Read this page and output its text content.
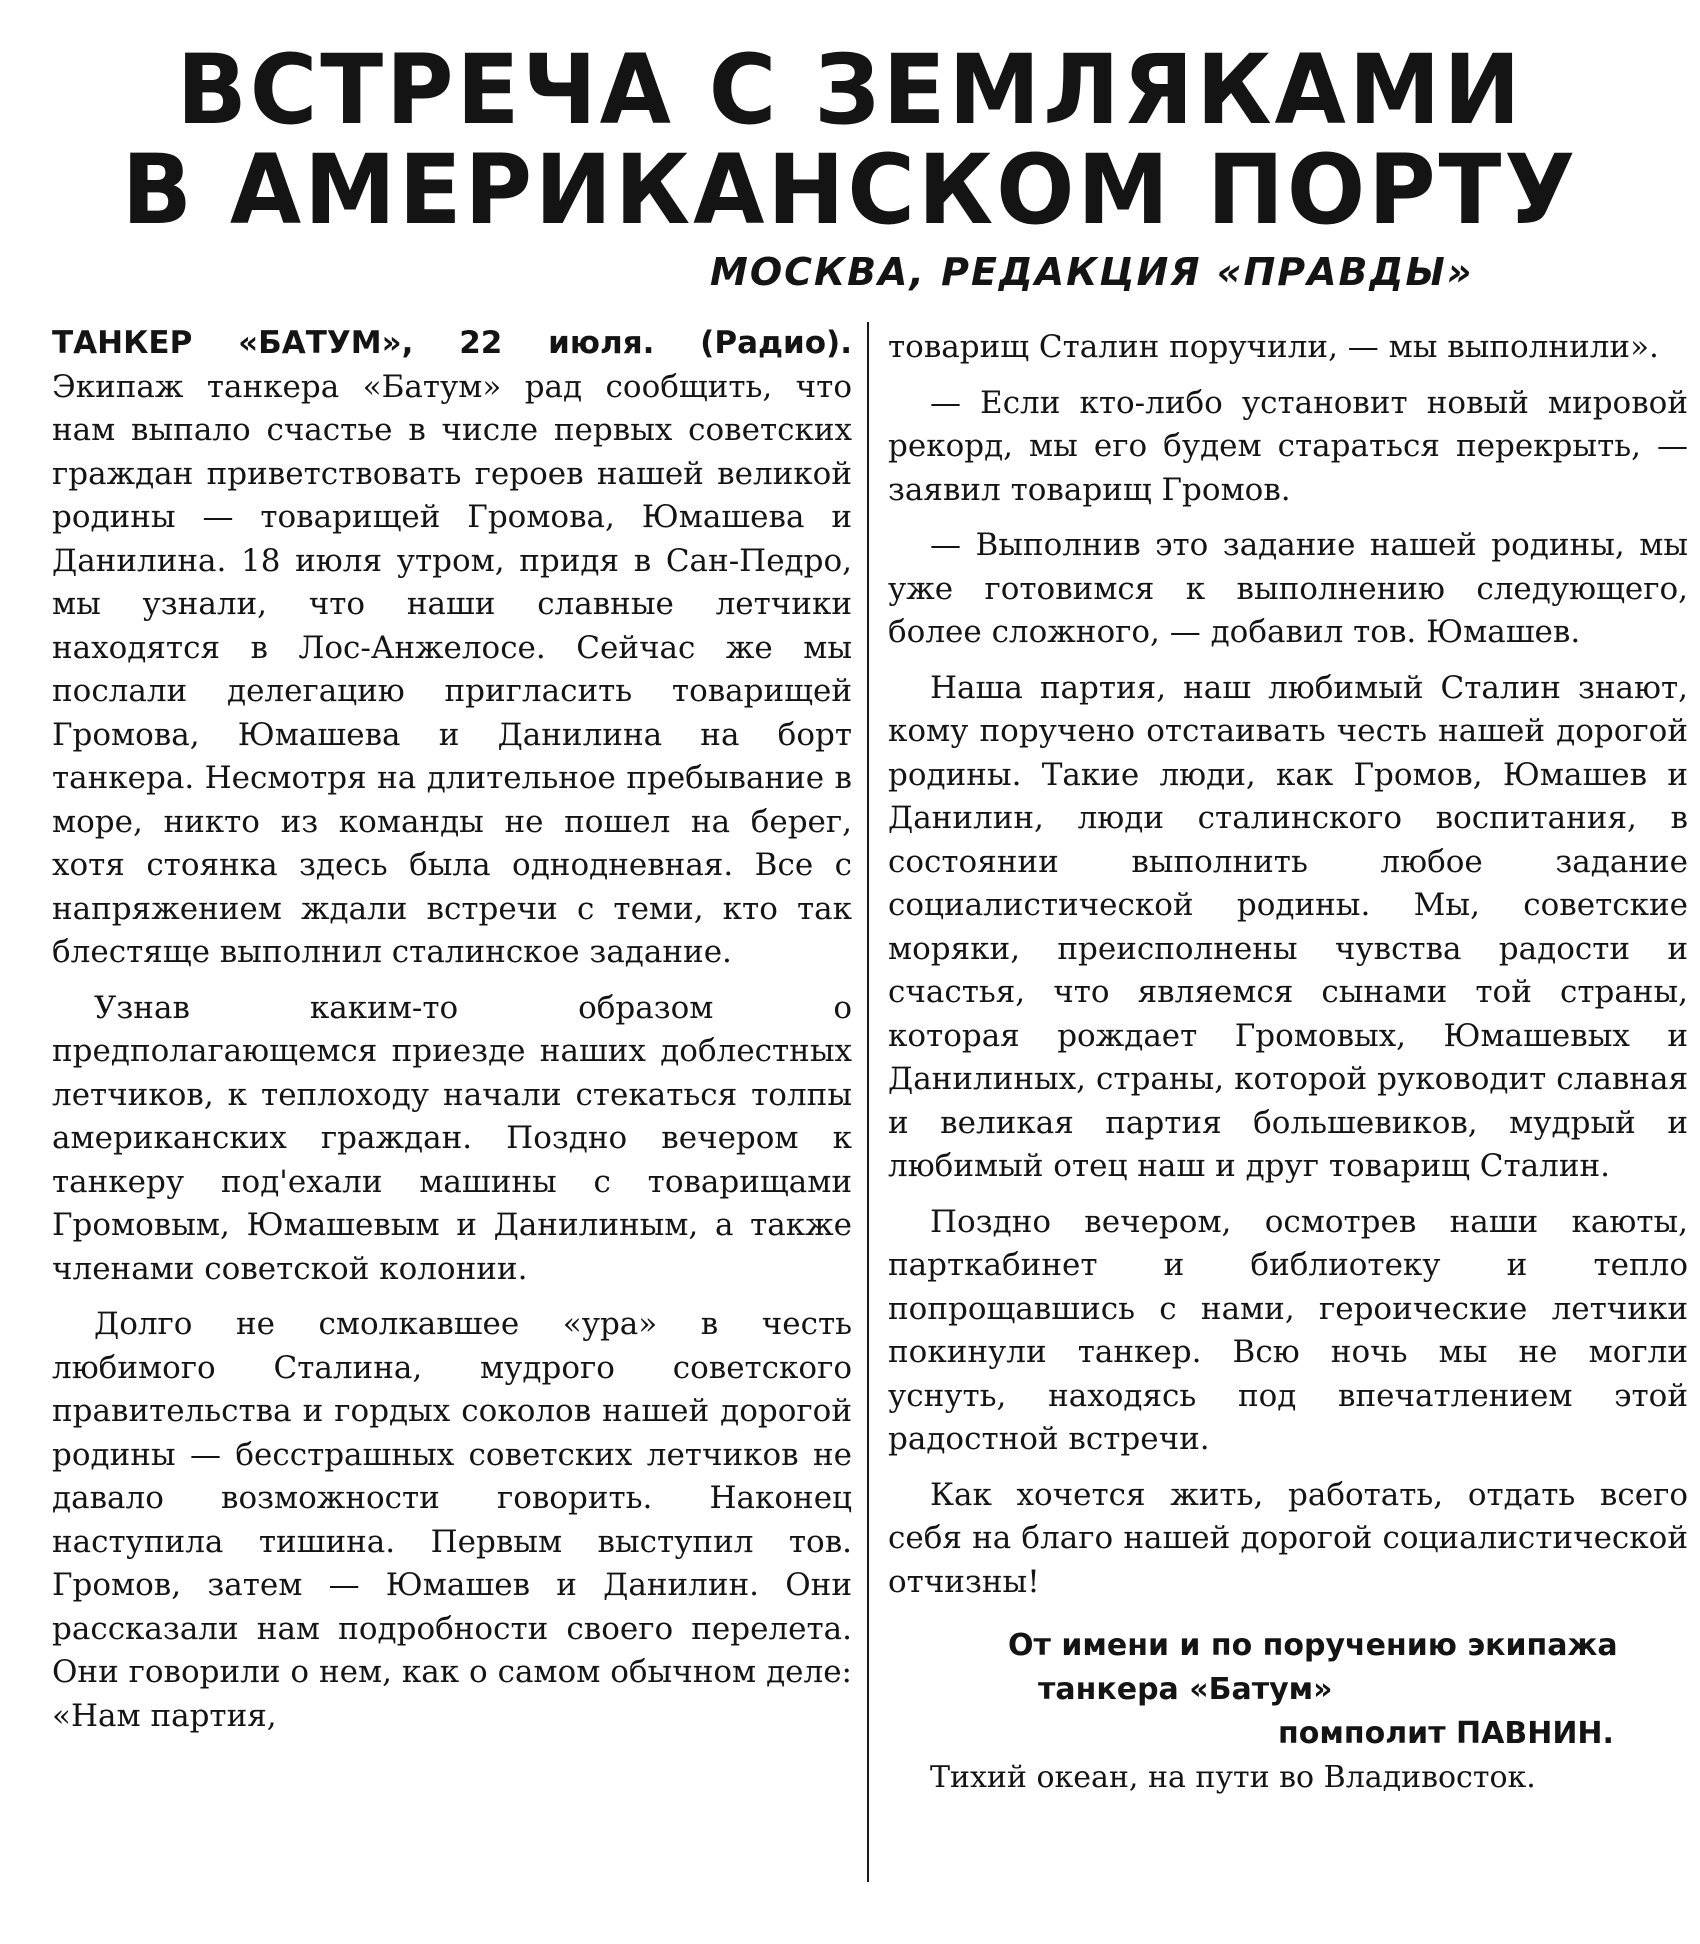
ВСТРЕЧА С ЗЕМЛЯКАМИ
В АМЕРИКАНСКОМ ПОРТУ

МОСКВА, РЕДАКЦИЯ «ПРАВДЫ»

ТАНКЕР «БАТУМ», 22 июля. (Радио). Экипаж танкера «Батум» рад сообщить, что нам выпало счастье в числе первых советских граждан приветствовать героев нашей великой родины — товарищей Громова, Юмашева и Данилина. 18 июля утром, придя в Сан-Педро, мы узнали, что наши славные летчики находятся в Лос-Анжелосе. Сейчас же мы послали делегацию пригласить товарищей Громова, Юмашева и Данилина на борт танкера. Несмотря на длительное пребывание в море, никто из команды не пошел на берег, хотя стоянка здесь была однодневная. Все с напряжением ждали встречи с теми, кто так блестяще выполнил сталинское задание.

Узнав каким-то образом о предполагающемся приезде наших доблестных летчиков, к теплоходу начали стекаться толпы американских граждан. Поздно вечером к танкеру под'ехали машины с товарищами Громовым, Юмашевым и Данилиным, а также членами советской колонии.

Долго не смолкавшее «ура» в честь любимого Сталина, мудрого советского правительства и гордых соколов нашей дорогой родины — бесстрашных советских летчиков не давало возможности говорить. Наконец наступила тишина. Первым выступил тов. Громов, затем — Юмашев и Данилин. Они рассказали нам подробности своего перелета. Они говорили о нем, как о самом обычном деле: «Нам партия,

товарищ Сталин поручили, — мы выполнили».

— Если кто-либо установит новый мировой рекорд, мы его будем стараться перекрыть, — заявил товарищ Громов.

— Выполнив это задание нашей родины, мы уже готовимся к выполнению следующего, более сложного, — добавил тов. Юмашев.

Наша партия, наш любимый Сталин знают, кому поручено отстаивать честь нашей дорогой родины. Такие люди, как Громов, Юмашев и Данилин, люди сталинского воспитания, в состоянии выполнить любое задание социалистической родины. Мы, советские моряки, преисполнены чувства радости и счастья, что являемся сынами той страны, которая рождает Громовых, Юмашевых и Данилиных, страны, которой руководит славная и великая партия большевиков, мудрый и любимый отец наш и друг товарищ Сталин.

Поздно вечером, осмотрев наши каюты, парткабинет и библиотеку и тепло попрощавшись с нами, героические летчики покинули танкер. Всю ночь мы не могли уснуть, находясь под впечатлением этой радостной встречи.

Как хочется жить, работать, отдать всего себя на благо нашей дорогой социалистической отчизны!

От имени и по поручению экипажа
танкера «Батум»
помполит ПАВНИН.

Тихий океан, на пути во Владивосток.
